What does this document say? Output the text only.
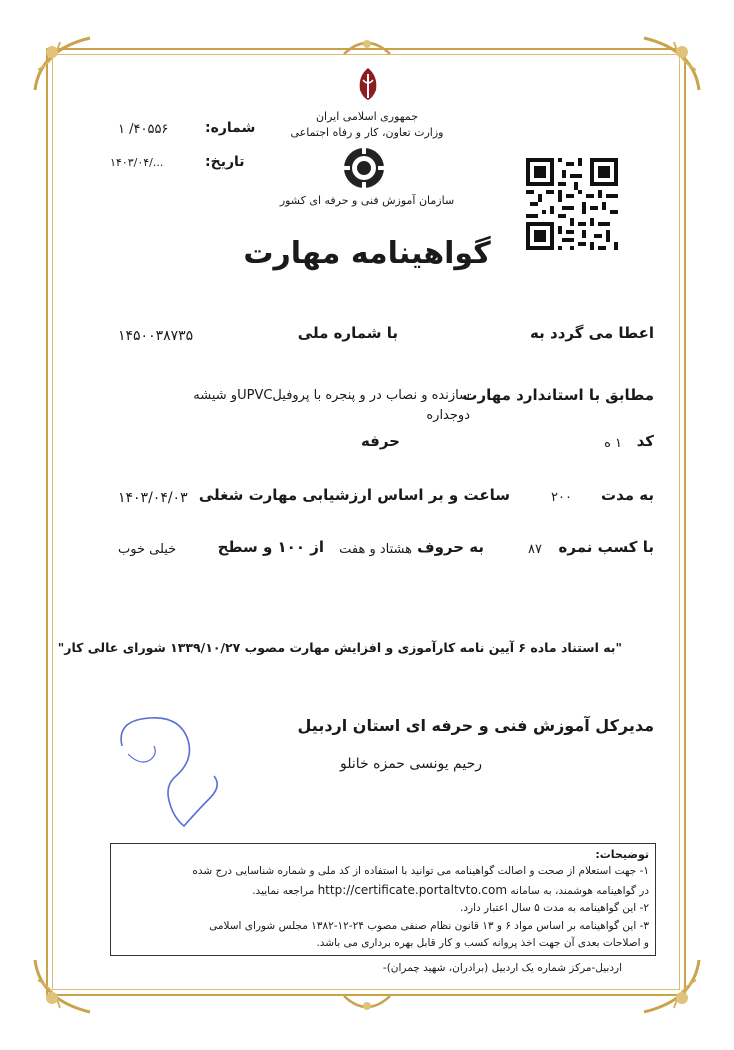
جمهوری اسلامی ایران
وزارت تعاون، کار و رفاه اجتماعی
سازمان آموزش فنی و حرفه ای کشور
شماره:
۱ /۴۰۵۵۶
تاریخ:
۱۴۰۳/۰۴/...
گواهینامه مهارت
اعطا می گردد به
با شماره ملی
۱۴۵۰۰۳۸۷۳۵
مطابق با استاندارد مهارت
سازنده و نصاب در و پنجره با پروفیلUPVCو شیشه
دوجداره
کد
۱ ه
حرفه
به مدت
۲۰۰
ساعت و بر اساس ارزشیابی مهارت شغلی
۱۴۰۳/۰۴/۰۳
با کسب نمره
۸۷
به حروف
هشتاد و هفت
از ۱۰۰ و سطح
خیلی خوب
"به استناد ماده ۶ آیین نامه کارآموزی و افزایش مهارت مصوب ۱۳۳۹/۱۰/۲۷ شورای عالی کار"
مدیرکل آموزش فنی و حرفه ای استان اردبیل
رحیم یونسی حمزه خانلو
توضیحات:
۱- جهت استعلام از صحت و اصالت گواهینامه می توانید با استفاده از کد ملی و شماره شناسایی درج شده
در گواهینامه هوشمند، به سامانه http://certificate.portaltvto.com مراجعه نمایید.
۲- این گواهینامه به مدت ۵ سال اعتبار دارد.
۳- این گواهینامه بر اساس مواد ۶ و ۱۳ قانون نظام صنفی مصوب ۲۴-۱۲-۱۳۸۲ مجلس شورای اسلامی
و اصلاحات بعدی آن جهت اخذ پروانه کسب و کار قابل بهره برداری می باشد.
اردبیل-مرکز شماره یک اردبیل (برادران، شهید چمران)-
